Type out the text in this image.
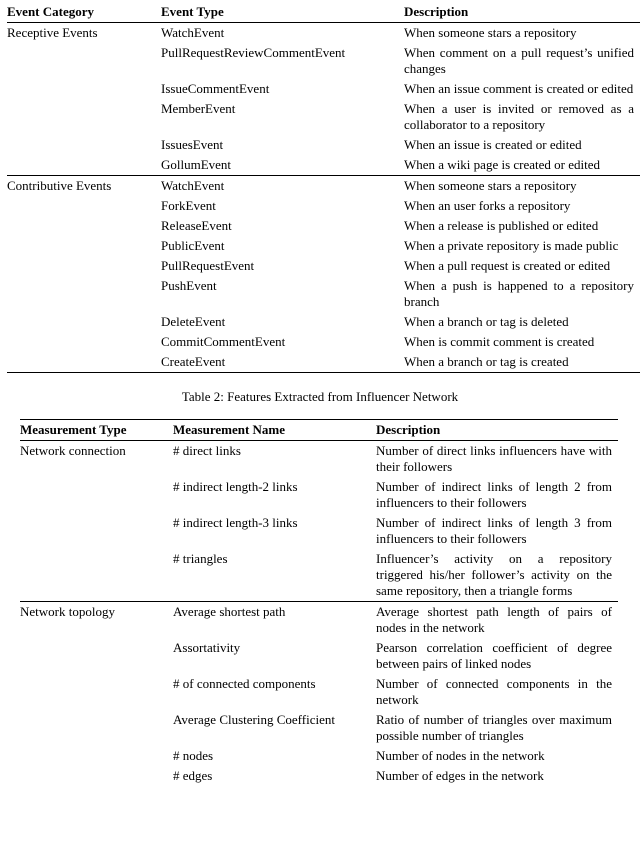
Event Category	Event Type	Description
Receptive Events	WatchEvent	When someone stars a repository
	PullRequestReviewCommentEvent	When comment on a pull request’s unified changes
	IssueCommentEvent	When an issue comment is created or edited
	MemberEvent	When a user is invited or removed as a collaborator to a repository
	IssuesEvent	When an issue is created or edited
	GollumEvent	When a wiki page is created or edited
Contributive Events	WatchEvent	When someone stars a repository
	ForkEvent	When an user forks a repository
	ReleaseEvent	When a release is published or edited
	PublicEvent	When a private repository is made public
	PullRequestEvent	When a pull request is created or edited
	PushEvent	When a push is happened to a repository branch
	DeleteEvent	When a branch or tag is deleted
	CommitCommentEvent	When is commit comment is created
	CreateEvent	When a branch or tag is created
Table 2: Features Extracted from Influencer Network
Measurement Type	Measurement Name	Description
Network connection	# direct links	Number of direct links influencers have with their followers
	# indirect length-2 links	Number of indirect links of length 2 from influencers to their followers
	# indirect length-3 links	Number of indirect links of length 3 from influencers to their followers
	# triangles	Influencer’s activity on a repository triggered his/her follower’s activity on the same repository, then a triangle forms
Network topology	Average shortest path	Average shortest path length of pairs of nodes in the network
	Assortativity	Pearson correlation coefficient of degree between pairs of linked nodes
	# of connected components	Number of connected components in the network
	Average Clustering Coefficient	Ratio of number of triangles over maximum possible number of triangles
	# nodes	Number of nodes in the network
	# edges	Number of edges in the network
